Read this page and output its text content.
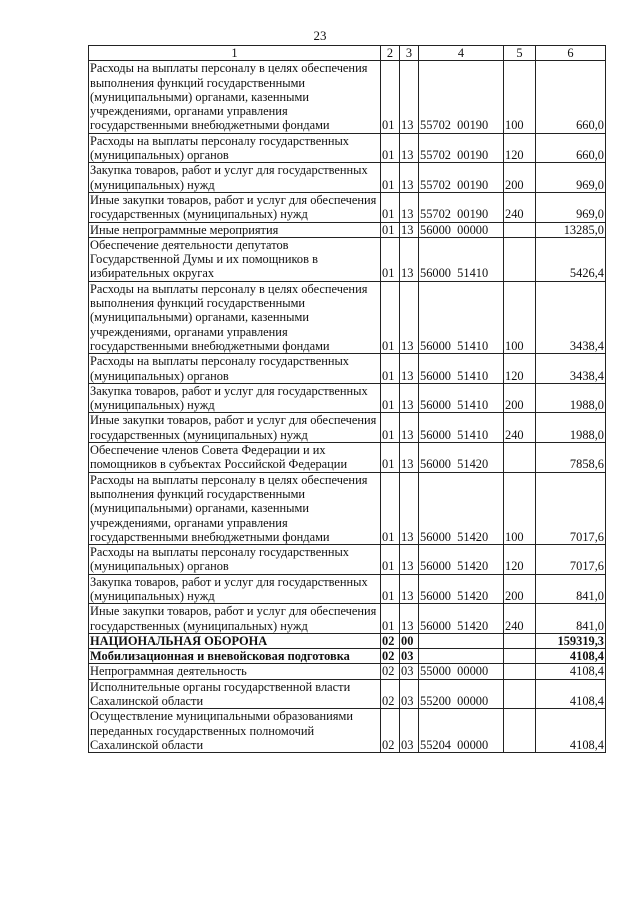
23
1	2	3	4	5	6
Расходы на выплаты персоналу в целях обеспечения выполнения функций государственными (муниципальными) органами, казенными учреждениями, органами управления государственными внебюджетными фондами	01	13	55702  00190	100	660,0
Расходы на выплаты персоналу государственных (муниципальных) органов	01	13	55702  00190	120	660,0
Закупка товаров, работ и услуг для государственных (муниципальных) нужд	01	13	55702  00190	200	969,0
Иные закупки товаров, работ и услуг для обеспечения государственных (муниципальных) нужд	01	13	55702  00190	240	969,0
Иные непрограммные мероприятия	01	13	56000  00000		13285,0
Обеспечение деятельности депутатов Государственной Думы и их помощников в избирательных округах	01	13	56000  51410		5426,4
Расходы на выплаты персоналу в целях обеспечения выполнения функций государственными (муниципальными) органами, казенными учреждениями, органами управления государственными внебюджетными фондами	01	13	56000  51410	100	3438,4
Расходы на выплаты персоналу государственных (муниципальных) органов	01	13	56000  51410	120	3438,4
Закупка товаров, работ и услуг для государственных (муниципальных) нужд	01	13	56000  51410	200	1988,0
Иные закупки товаров, работ и услуг для обеспечения государственных (муниципальных) нужд	01	13	56000  51410	240	1988,0
Обеспечение членов Совета Федерации и их помощников в субъектах Российской Федерации	01	13	56000  51420		7858,6
Расходы на выплаты персоналу в целях обеспечения выполнения функций государственными (муниципальными) органами, казенными учреждениями, органами управления государственными внебюджетными фондами	01	13	56000  51420	100	7017,6
Расходы на выплаты персоналу государственных (муниципальных) органов	01	13	56000  51420	120	7017,6
Закупка товаров, работ и услуг для государственных (муниципальных) нужд	01	13	56000  51420	200	841,0
Иные закупки товаров, работ и услуг для обеспечения государственных (муниципальных) нужд	01	13	56000  51420	240	841,0
НАЦИОНАЛЬНАЯ ОБОРОНА	02	00			159319,3
Мобилизационная и вневойсковая подготовка	02	03			4108,4
Непрограммная деятельность	02	03	55000  00000		4108,4
Исполнительные органы государственной власти Сахалинской области	02	03	55200  00000		4108,4
Осуществление муниципальными образованиями переданных государственных полномочий Сахалинской области	02	03	55204  00000		4108,4
